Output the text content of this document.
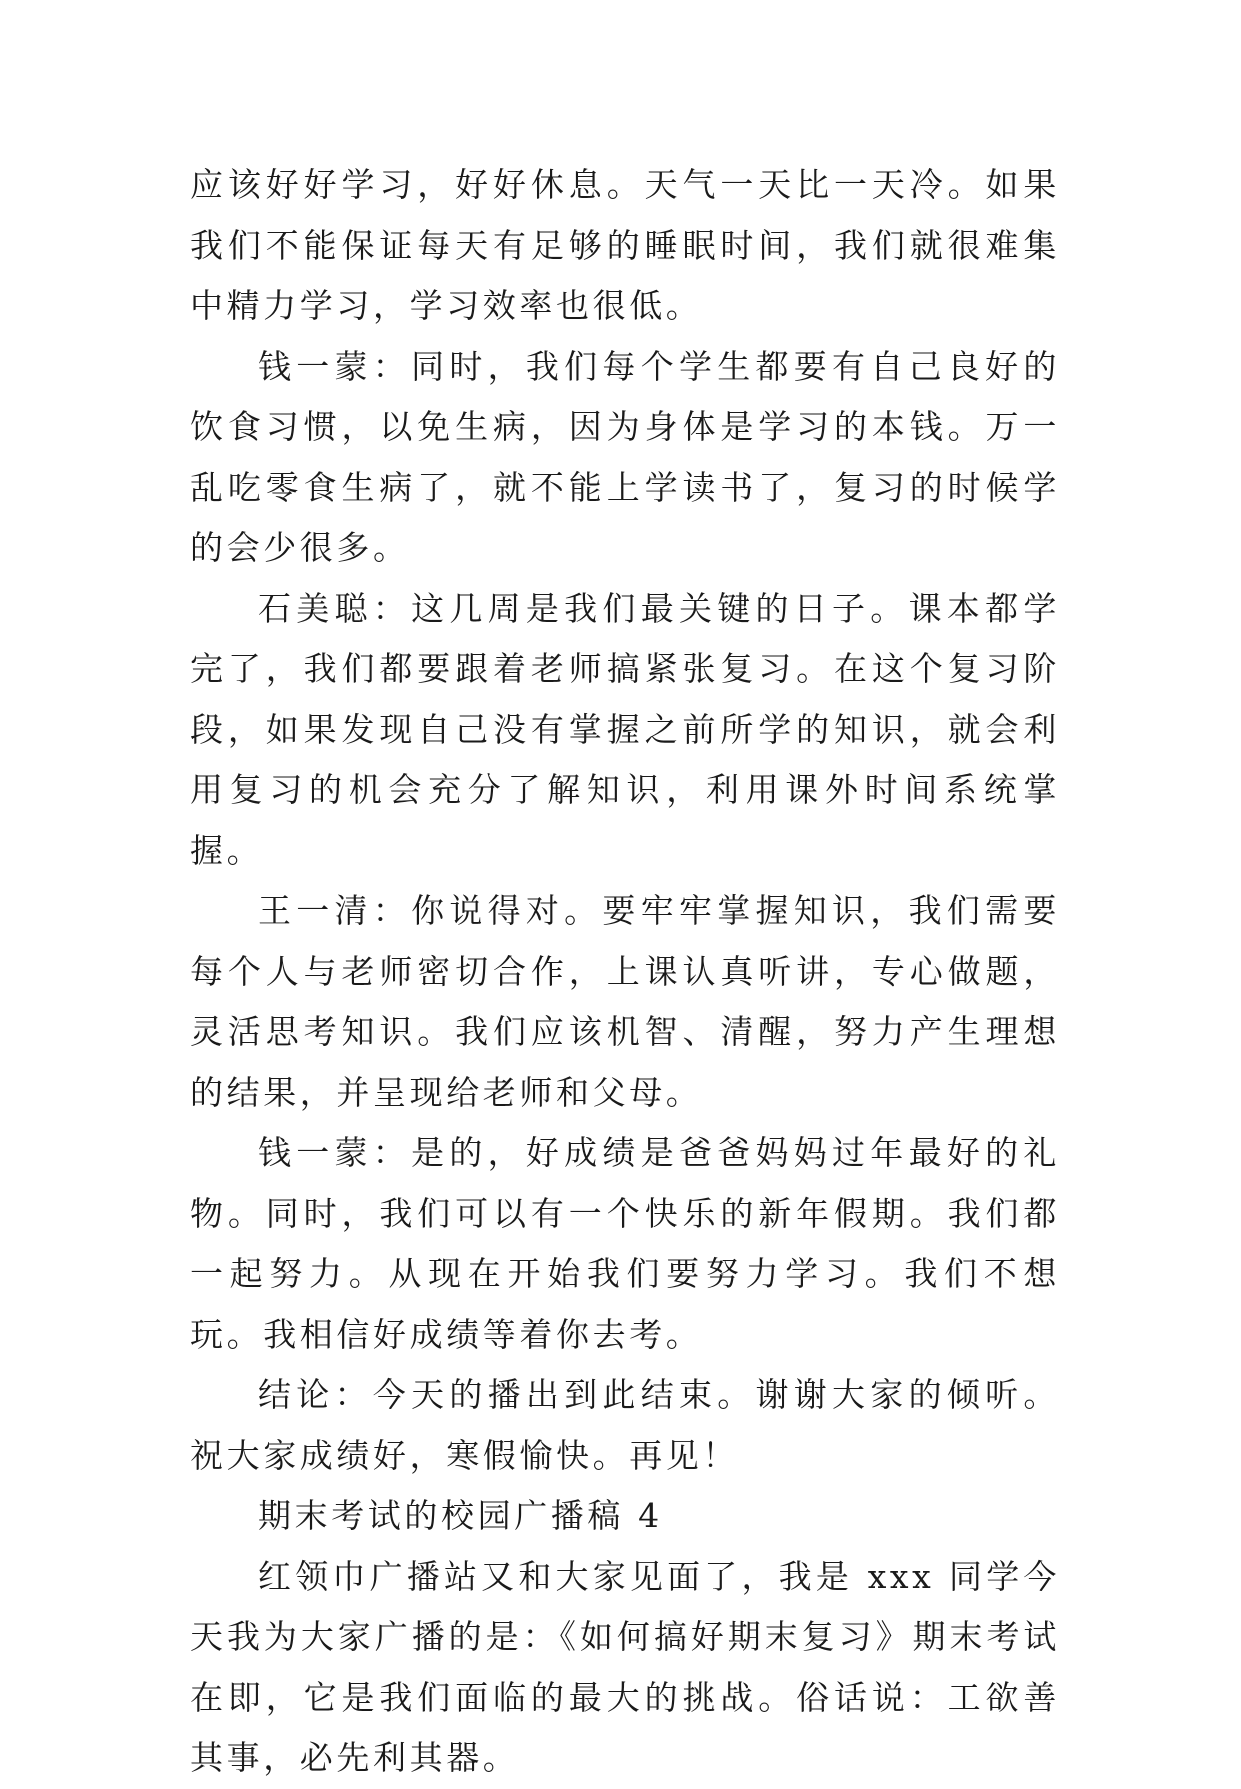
应该好好学习，好好休息。天气一天比一天冷。如果我们不能保证每天有足够的睡眠时间，我们就很难集中精力学习，学习效率也很低。

钱一蒙：同时，我们每个学生都要有自己良好的饮食习惯，以免生病，因为身体是学习的本钱。万一乱吃零食生病了，就不能上学读书了，复习的时候学的会少很多。

石美聪：这几周是我们最关键的日子。课本都学完了，我们都要跟着老师搞紧张复习。在这个复习阶段，如果发现自己没有掌握之前所学的知识，就会利用复习的机会充分了解知识，利用课外时间系统掌握。

王一清：你说得对。要牢牢掌握知识，我们需要每个人与老师密切合作，上课认真听讲，专心做题，灵活思考知识。我们应该机智、清醒，努力产生理想的结果，并呈现给老师和父母。

钱一蒙：是的，好成绩是爸爸妈妈过年最好的礼物。同时，我们可以有一个快乐的新年假期。我们都一起努力。从现在开始我们要努力学习。我们不想玩。我相信好成绩等着你去考。

结论：今天的播出到此结束。谢谢大家的倾听。祝大家成绩好，寒假愉快。再见！

期末考试的校园广播稿 4

红领巾广播站又和大家见面了，我是 xxx 同学今天我为大家广播的是：《如何搞好期末复习》期末考试在即，它是我们面临的最大的挑战。俗话说：工欲善其事，必先利其器。
